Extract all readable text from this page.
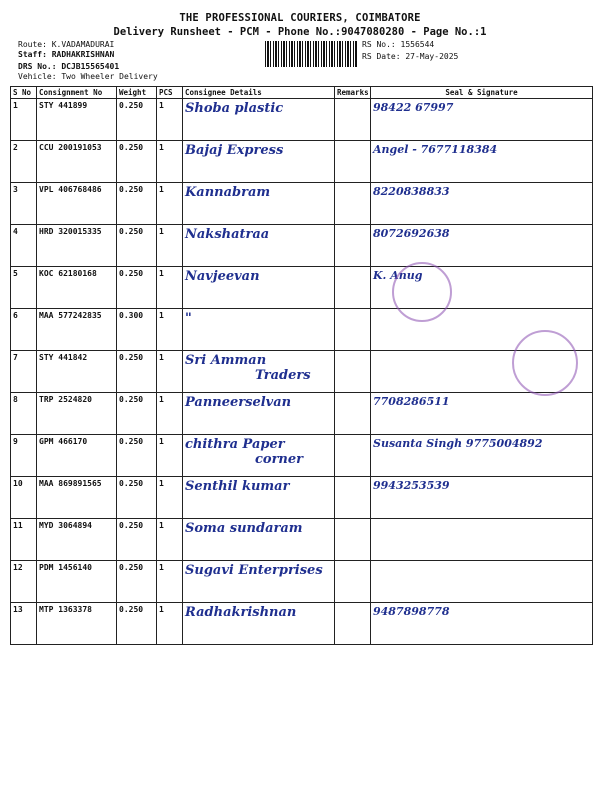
THE PROFESSIONAL COURIERS, COIMBATORE
Delivery Runsheet - PCM - Phone No.:9047080280 - Page No.:1
Route: K.VADAMADURAI
Staff: RADHAKRISHNAN
DRS No.: DCJB15565401
Vehicle: Two Wheeler Delivery
RS No.: 1556544
RS Date: 27-May-2025
S No	Consignment No	Weight	PCS	Consignee Details	Remarks	Seal & Signature
1	STY 441899	0.250	1	Shoba plastic		98422 67997
2	CCU 200191053	0.250	1	Bajaj Express		Angel - 7677118384
3	VPL 406768486	0.250	1	Kannabram		8220838833
4	HRD 320015335	0.250	1	Nakshatraa		8072692638
5	KOC 62180168	0.250	1	Navjeevan		K. Anug
6	MAA 577242835	0.300	1	"		
7	STY 441842	0.250	1	Sri Amman
Traders		

8	TRP 2524820	0.250	1	Panneerselvan		7708286511
9	GPM 466170	0.250	1	chithra Paper
corner		Susanta Singh 9775004892
10	MAA 869891565	0.250	1	Senthil kumar		9943253539
11	MYD 3064894	0.250	1	Soma sundaram		
12	PDM 1456140	0.250	1	Sugavi Enterprises		
13	MTP 1363378	0.250	1	Radhakrishnan		9487898778
